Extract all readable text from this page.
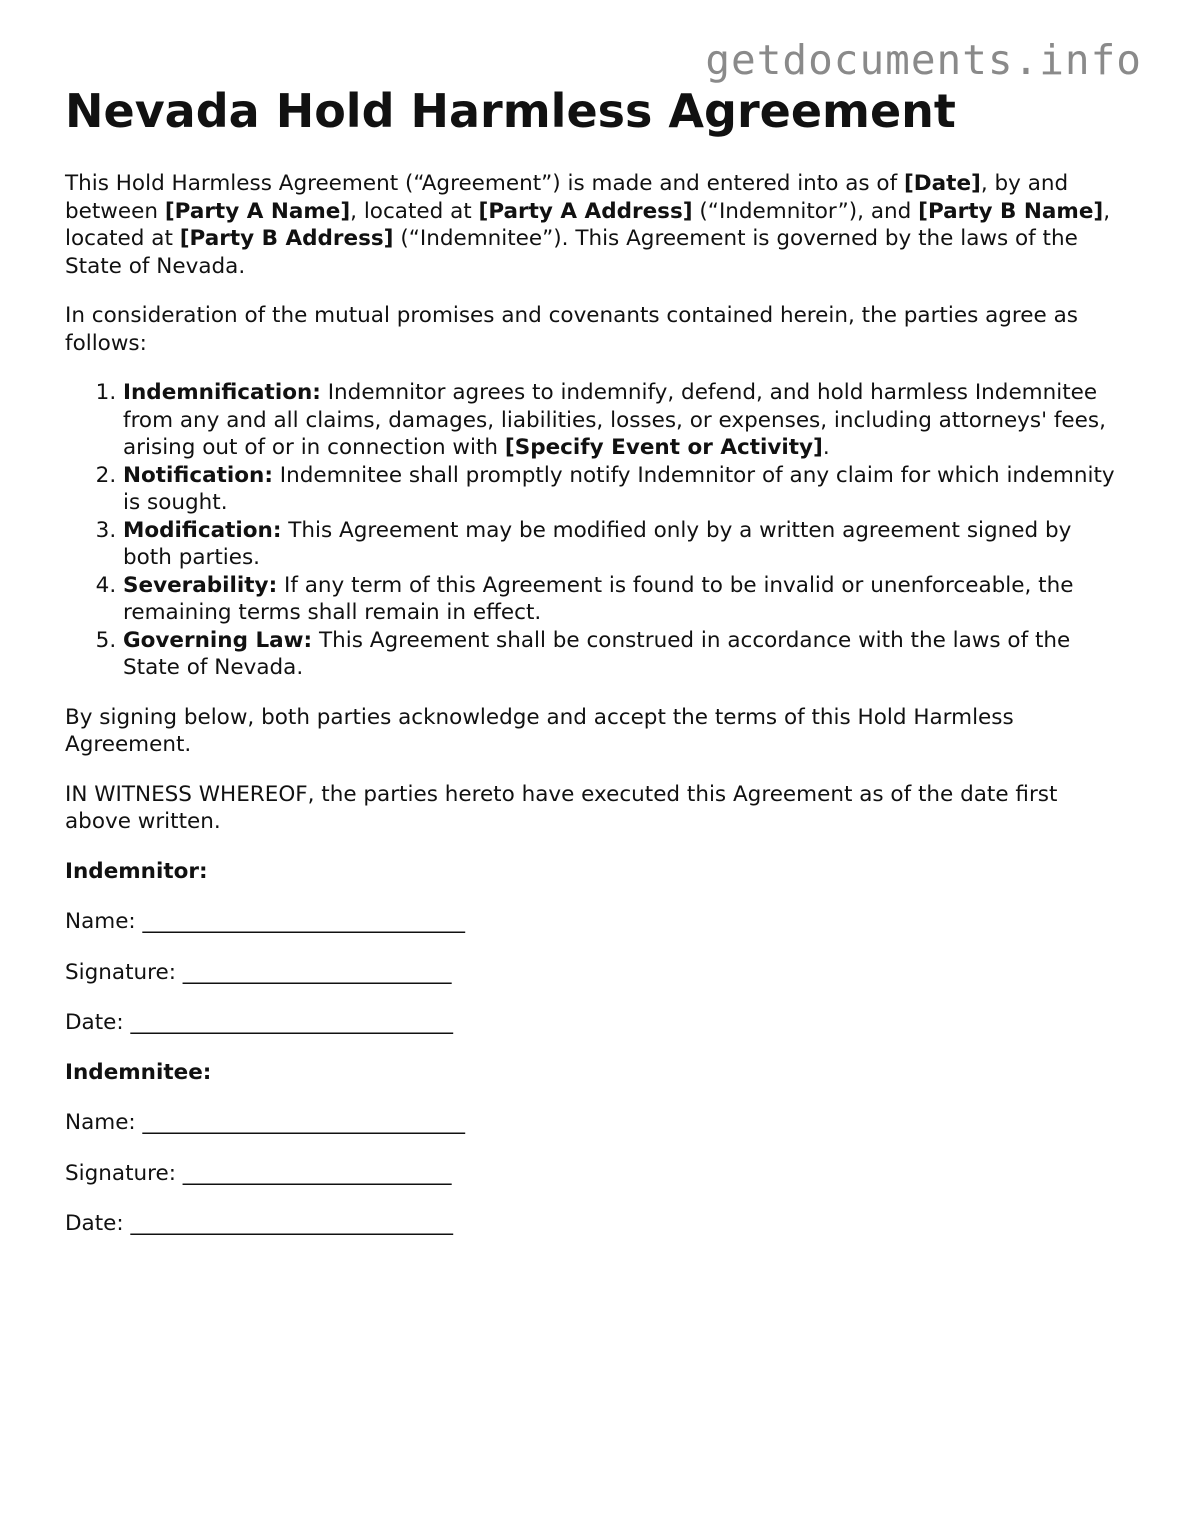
getdocuments.info
Nevada Hold Harmless Agreement

This Hold Harmless Agreement (“Agreement”) is made and entered into as of [Date], by and between [Party A Name], located at [Party A Address] (“Indemnitor”), and [Party B Name], located at [Party B Address] (“Indemnitee”). This Agreement is governed by the laws of the State of Nevada.

In consideration of the mutual promises and covenants contained herein, the parties agree as follows:

1. Indemnification: Indemnitor agrees to indemnify, defend, and hold harmless Indemnitee from any and all claims, damages, liabilities, losses, or expenses, including attorneys' fees, arising out of or in connection with [Specify Event or Activity].
2. Notification: Indemnitee shall promptly notify Indemnitor of any claim for which indemnity is sought.
3. Modification: This Agreement may be modified only by a written agreement signed by both parties.
4. Severability: If any term of this Agreement is found to be invalid or unenforceable, the remaining terms shall remain in effect.
5. Governing Law: This Agreement shall be construed in accordance with the laws of the State of Nevada.

By signing below, both parties acknowledge and accept the terms of this Hold Harmless Agreement.

IN WITNESS WHEREOF, the parties hereto have executed this Agreement as of the date first above written.

Indemnitor:

Name: ______________________________

Signature: _________________________

Date: ______________________________

Indemnitee:

Name: ______________________________

Signature: _________________________

Date: ______________________________
